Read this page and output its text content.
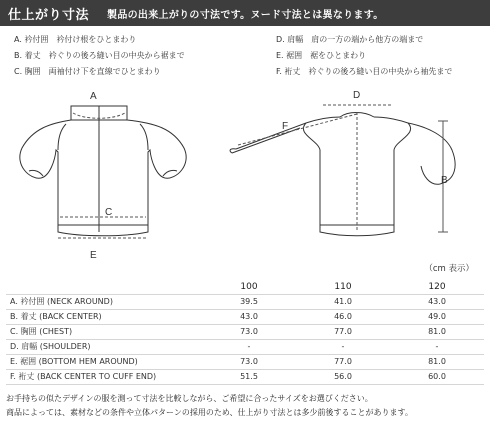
仕上がり寸法 製品の出来上がりの寸法です。ヌード寸法とは異なります。
A. 衿付囲　衿付け根をひとまわり
B. 着丈　衿ぐりの後ろ縫い目の中央から裾まで
C. 胸囲　両袖付け下を直線でひとまわり
D. 肩幅　肩の一方の端から他方の端まで
E. 裾囲　裾をひとまわり
F. 裄丈　衿ぐりの後ろ縫い目の中央から袖先まで
A
B
C
D
E
F
（cm 表示）
	100	110	120
A. 衿付囲 (NECK AROUND)	39.5	41.0	43.0
B. 着丈 (BACK CENTER)	43.0	46.0	49.0
C. 胸囲 (CHEST)	73.0	77.0	81.0
D. 肩幅 (SHOULDER)	-	-	-
E. 裾囲 (BOTTOM HEM AROUND)	73.0	77.0	81.0
F. 裄丈 (BACK CENTER TO CUFF END)	51.5	56.0	60.0
お手持ちの似たデザインの服を測って寸法を比較しながら、ご希望に合ったサイズをお選びください。
商品によっては、素材などの条件や立体パターンの採用のため、仕上がり寸法とは多少前後することがあります。
